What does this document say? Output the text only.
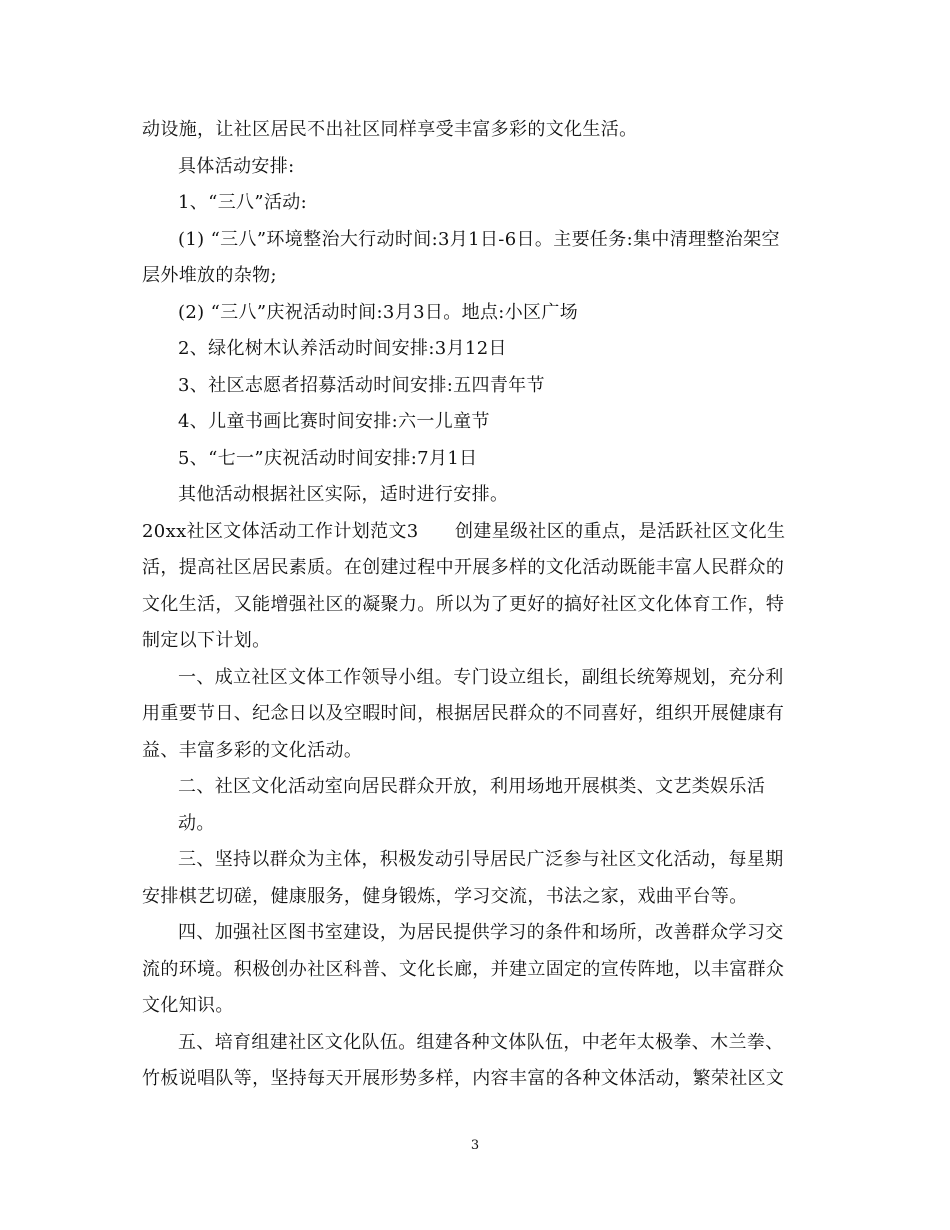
动设施，让社区居民不出社区同样享受丰富多彩的文化生活。
具体活动安排:
1、“三八”活动:
(1) “三八”环境整治大行动时间:3月1日-6日。主要任务:集中清理整治架空
层外堆放的杂物;
(2) “三八”庆祝活动时间:3月3日。地点:小区广场
2、绿化树木认养活动时间安排:3月12日
3、社区志愿者招募活动时间安排:五四青年节
4、儿童书画比赛时间安排:六一儿童节
5、“七一”庆祝活动时间安排:7月1日
其他活动根据社区实际，适时进行安排。
20xx社区文体活动工作计划范文3      创建星级社区的重点，是活跃社区文化生
活，提高社区居民素质。在创建过程中开展多样的文化活动既能丰富人民群众的
文化生活，又能增强社区的凝聚力。所以为了更好的搞好社区文化体育工作，特
制定以下计划。
一、成立社区文体工作领导小组。专门设立组长，副组长统筹规划，充分利
用重要节日、纪念日以及空暇时间，根据居民群众的不同喜好，组织开展健康有
益、丰富多彩的文化活动。
二、社区文化活动室向居民群众开放，利用场地开展棋类、文艺类娱乐活
动。
三、坚持以群众为主体，积极发动引导居民广泛参与社区文化活动，每星期
安排棋艺切磋，健康服务，健身锻炼，学习交流，书法之家，戏曲平台等。
四、加强社区图书室建设，为居民提供学习的条件和场所，改善群众学习交
流的环境。积极创办社区科普、文化长廊，并建立固定的宣传阵地，以丰富群众
文化知识。
五、培育组建社区文化队伍。组建各种文体队伍，中老年太极拳、木兰拳、
竹板说唱队等，坚持每天开展形势多样，内容丰富的各种文体活动，繁荣社区文
3
